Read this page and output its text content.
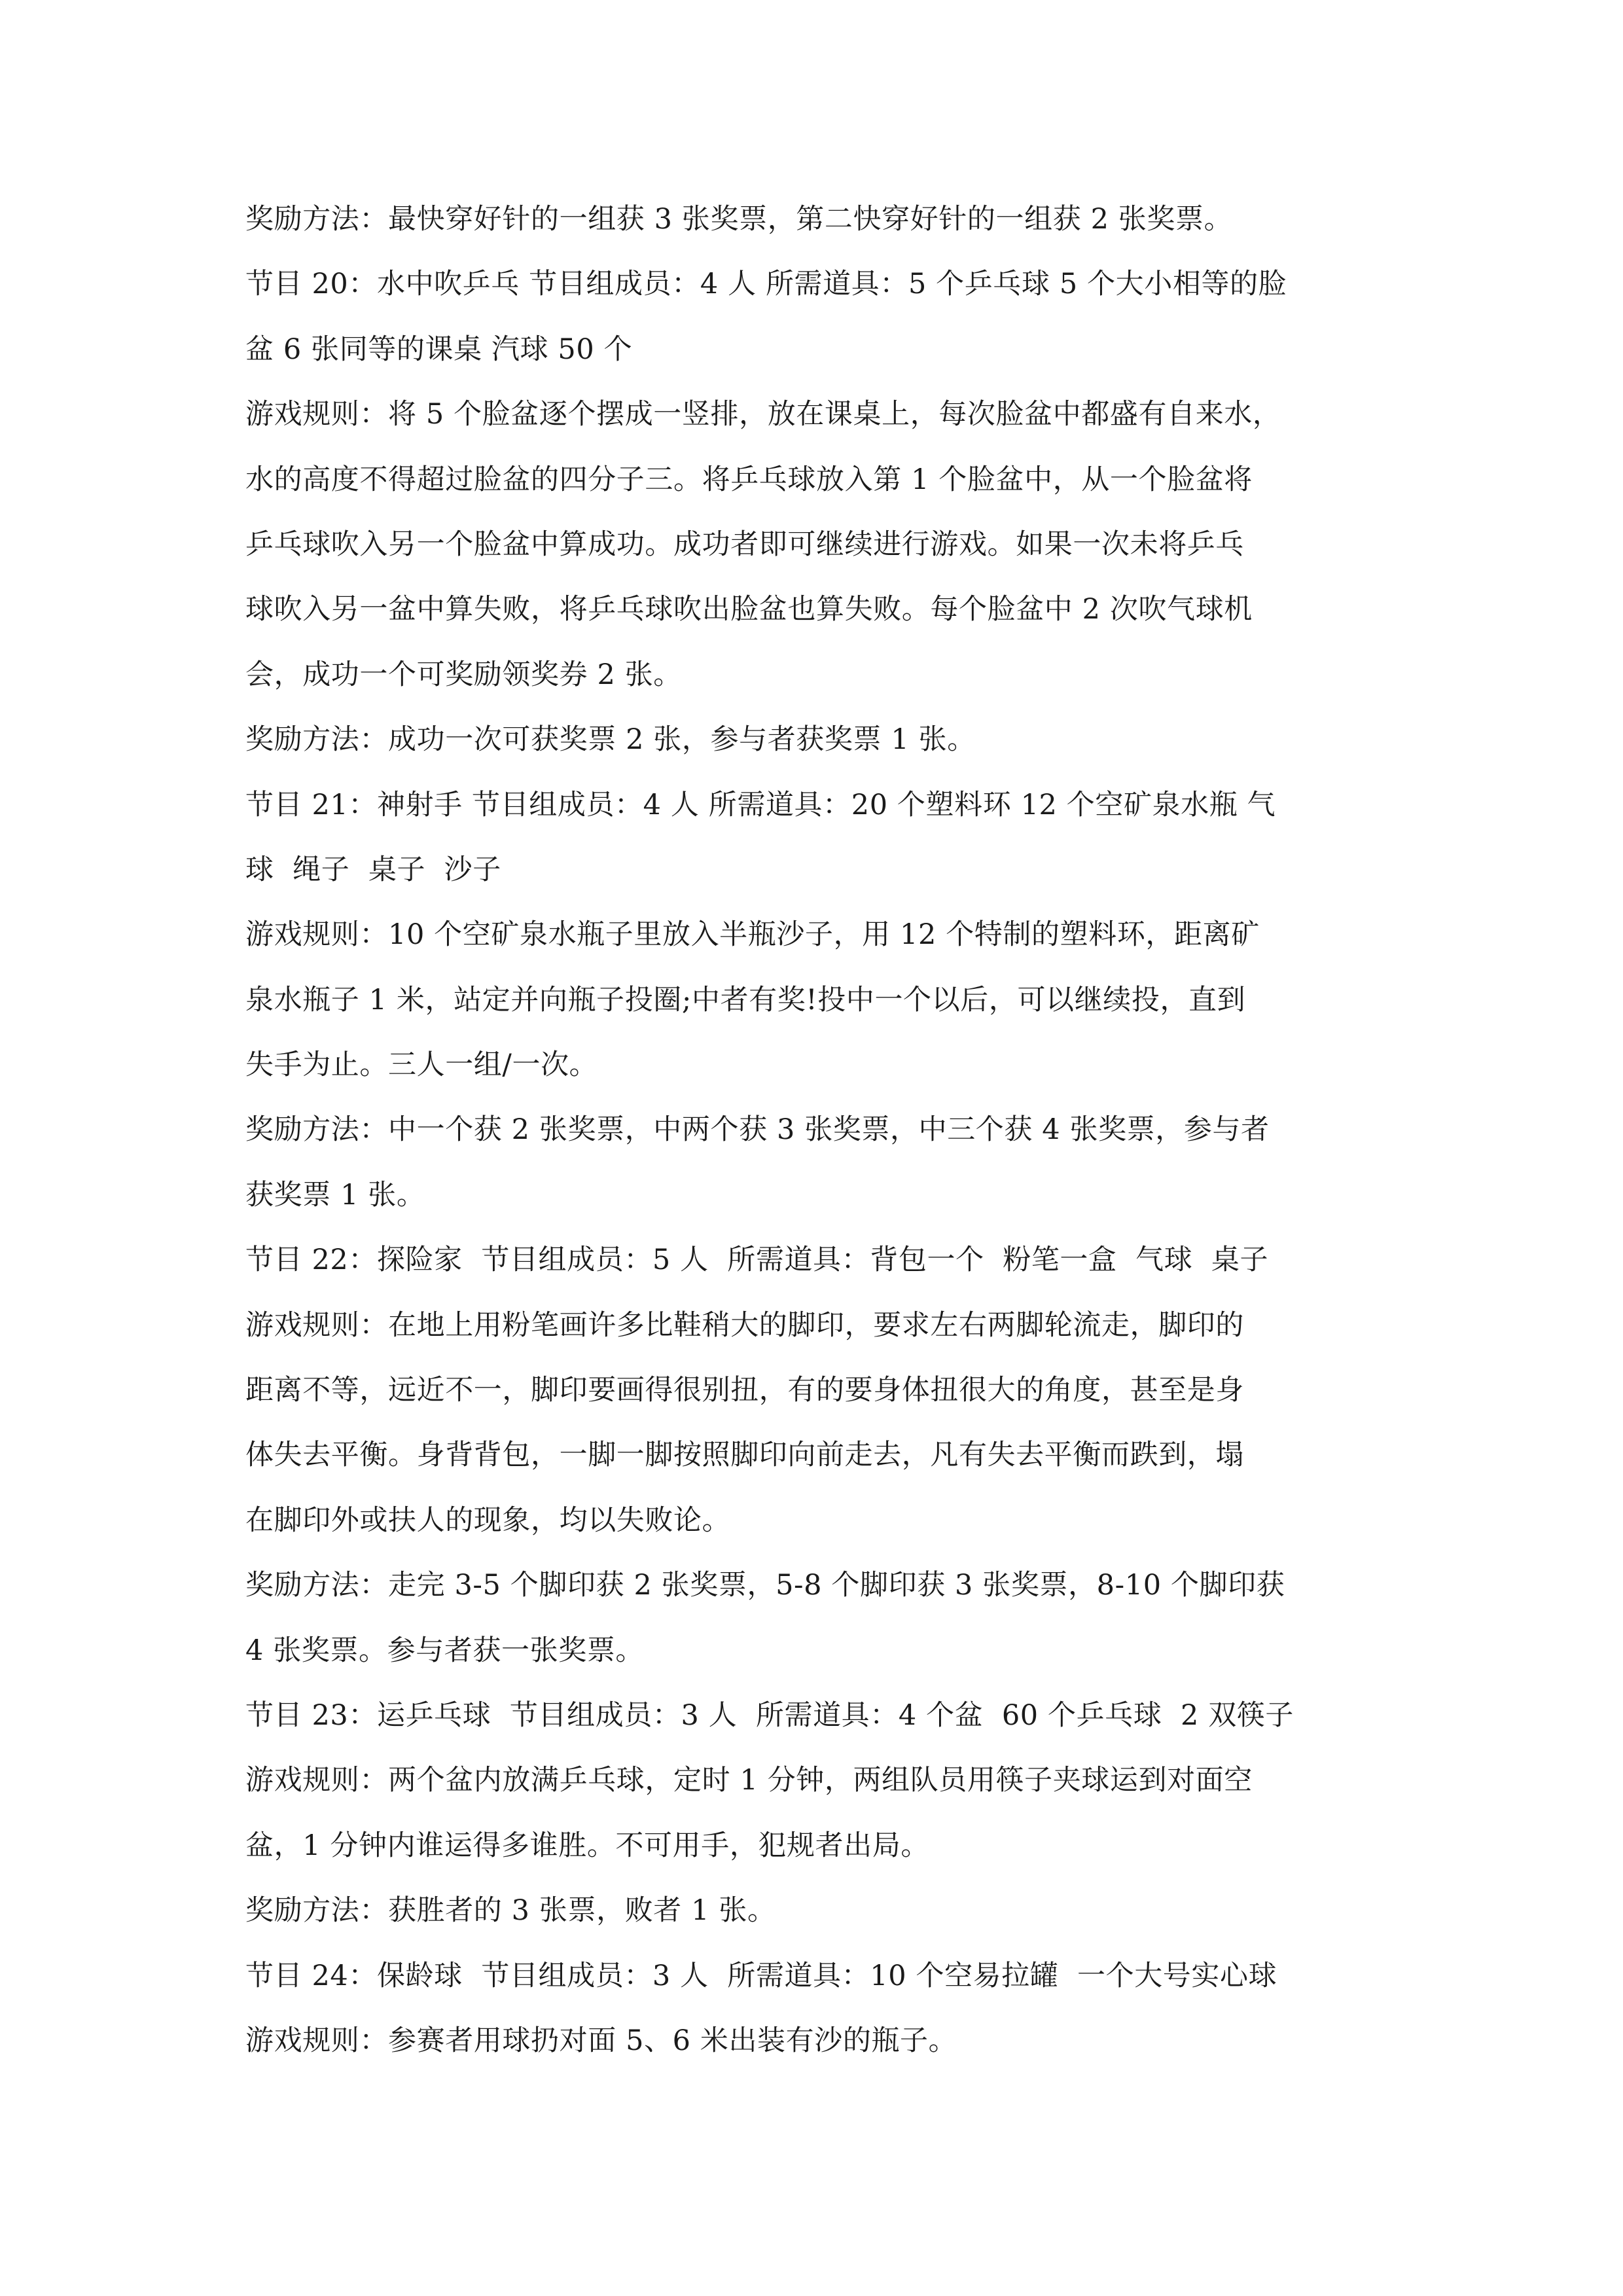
奖励方法：最快穿好针的一组获 3 张奖票，第二快穿好针的一组获 2 张奖票。
节目 20：水中吹乒乓 节目组成员：4 人 所需道具：5 个乒乓球 5 个大小相等的脸
盆 6 张同等的课桌 汽球 50 个
游戏规则：将 5 个脸盆逐个摆成一竖排，放在课桌上，每次脸盆中都盛有自来水，
水的高度不得超过脸盆的四分子三。将乒乓球放入第 1 个脸盆中，从一个脸盆将
乒乓球吹入另一个脸盆中算成功。成功者即可继续进行游戏。如果一次未将乒乓
球吹入另一盆中算失败，将乒乓球吹出脸盆也算失败。每个脸盆中 2 次吹气球机
会，成功一个可奖励领奖券 2 张。
奖励方法：成功一次可获奖票 2 张，参与者获奖票 1 张。
节目 21：神射手 节目组成员：4 人 所需道具：20 个塑料环 12 个空矿泉水瓶 气
球  绳子  桌子  沙子
游戏规则：10 个空矿泉水瓶子里放入半瓶沙子，用 12 个特制的塑料环，距离矿
泉水瓶子 1 米，站定并向瓶子投圈;中者有奖!投中一个以后，可以继续投，直到
失手为止。三人一组/一次。
奖励方法：中一个获 2 张奖票，中两个获 3 张奖票，中三个获 4 张奖票，参与者
获奖票 1 张。
节目 22：探险家  节目组成员：5 人  所需道具：背包一个  粉笔一盒  气球  桌子
游戏规则：在地上用粉笔画许多比鞋稍大的脚印，要求左右两脚轮流走，脚印的
距离不等，远近不一，脚印要画得很别扭，有的要身体扭很大的角度，甚至是身
体失去平衡。身背背包，一脚一脚按照脚印向前走去，凡有失去平衡而跌到，塌
在脚印外或扶人的现象，均以失败论。
奖励方法：走完 3-5 个脚印获 2 张奖票，5-8 个脚印获 3 张奖票，8-10 个脚印获
4 张奖票。参与者获一张奖票。
节目 23：运乒乓球  节目组成员：3 人  所需道具：4 个盆  60 个乒乓球  2 双筷子
游戏规则：两个盆内放满乒乓球，定时 1 分钟，两组队员用筷子夹球运到对面空
盆，1 分钟内谁运得多谁胜。不可用手，犯规者出局。
奖励方法：获胜者的 3 张票，败者 1 张。
节目 24：保龄球  节目组成员：3 人  所需道具：10 个空易拉罐  一个大号实心球
游戏规则：参赛者用球扔对面 5、6 米出装有沙的瓶子。
